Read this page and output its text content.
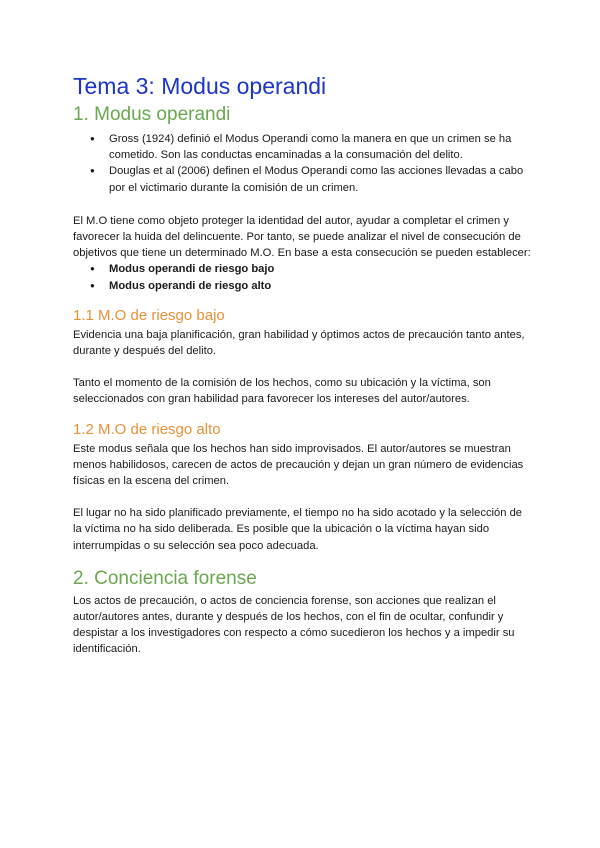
Tema 3: Modus operandi
1. Modus operandi
● Gross (1924) definió el Modus Operandi como la manera en que un crimen se ha cometido. Son las conductas encaminadas a la consumación del delito.
● Douglas et al (2006) definen el Modus Operandi como las acciones llevadas a cabo por el victimario durante la comisión de un crimen.

El M.O tiene como objeto proteger la identidad del autor, ayudar a completar el crimen y favorecer la huida del delincuente. Por tanto, se puede analizar el nivel de consecución de objetivos que tiene un determinado M.O. En base a esta consecución se pueden establecer:

● Modus operandi de riesgo bajo
● Modus operandi de riesgo alto
1.1 M.O de riesgo bajo

Evidencia una baja planificación, gran habilidad y óptimos actos de precaución tanto antes, durante y después del delito.

Tanto el momento de la comisión de los hechos, como su ubicación y la víctima, son seleccionados con gran habilidad para favorecer los intereses del autor/autores.

1.2 M.O de riesgo alto

Este modus señala que los hechos han sido improvisados. El autor/autores se muestran menos habilidosos, carecen de actos de precaución y dejan un gran número de evidencias físicas en la escena del crimen.

El lugar no ha sido planificado previamente, el tiempo no ha sido acotado y la selección de la víctima no ha sido deliberada. Es posible que la ubicación o la víctima hayan sido interrumpidas o su selección sea poco adecuada.

2. Conciencia forense

Los actos de precaución, o actos de conciencia forense, son acciones que realizan el autor/autores antes, durante y después de los hechos, con el fin de ocultar, confundir y despistar a los investigadores con respecto a cómo sucedieron los hechos y a impedir su identificación.
